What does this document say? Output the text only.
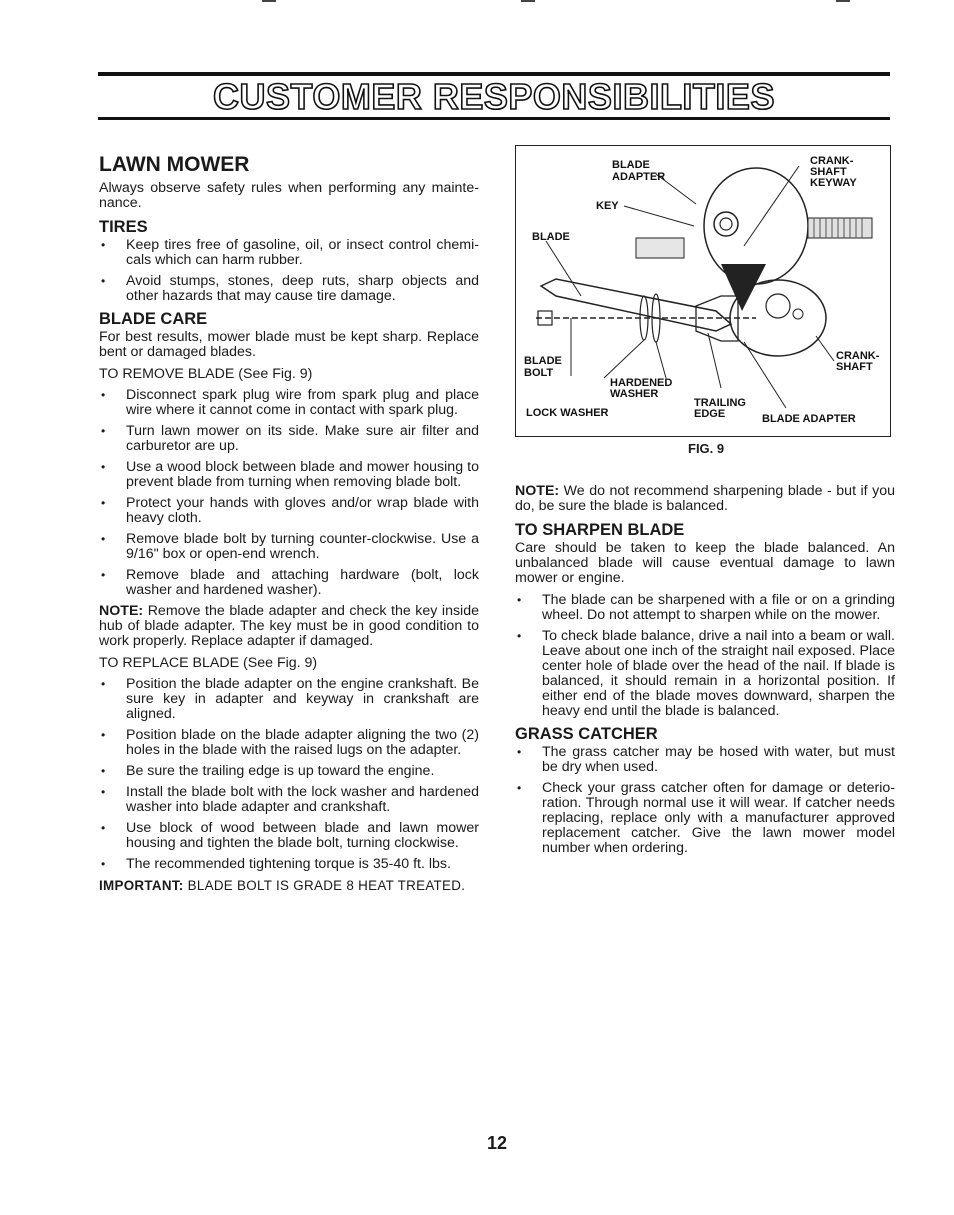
CUSTOMER RESPONSIBILITIES
LAWN MOWER

Always observe safety rules when performing any mainte-nance.

TIRES
• Keep tires free of gasoline, oil, or insect control chemi-cals which can harm rubber.
• Avoid stumps, stones, deep ruts, sharp objects and other hazards that may cause tire damage.
BLADE CARE

For best results, mower blade must be kept sharp. Replace bent or damaged blades.

TO REMOVE BLADE (See Fig. 9)

• Disconnect spark plug wire from spark plug and place wire where it cannot come in contact with spark plug.
• Turn lawn mower on its side. Make sure air filter and carburetor are up.
• Use a wood block between blade and mower housing to prevent blade from turning when removing blade bolt.
• Protect your hands with gloves and/or wrap blade with heavy cloth.
• Remove blade bolt by turning counter-clockwise. Use a 9/16" box or open-end wrench.
• Remove blade and attaching hardware (bolt, lock washer and hardened washer).

NOTE: Remove the blade adapter and check the key inside hub of blade adapter. The key must be in good condition to work properly. Replace adapter if damaged.

TO REPLACE BLADE (See Fig. 9)

• Position the blade adapter on the engine crankshaft. Be sure key in adapter and keyway in crankshaft are aligned.
• Position blade on the blade adapter aligning the two (2) holes in the blade with the raised lugs on the adapter.
• Be sure the trailing edge is up toward the engine.
• Install the blade bolt with the lock washer and hardened washer into blade adapter and crankshaft.
• Use block of wood between blade and lawn mower housing and tighten the blade bolt, turning clockwise.
• The recommended tightening torque is 35-40 ft. lbs.

IMPORTANT: BLADE BOLT IS GRADE 8 HEAT TREATED.

BLADE
ADAPTER
KEY
BLADE
CRANK-
SHAFT
KEYWAY
BLADE
BOLT
HARDENED
WASHER
LOCK WASHER
TRAILING
EDGE	BLADE ADAPTER
CRANK-
SHAFT
FIG. 9

NOTE: We do not recommend sharpening blade - but if you do, be sure the blade is balanced.

TO SHARPEN BLADE

Care should be taken to keep the blade balanced. An unbalanced blade will cause eventual damage to lawn mower or engine.

• The blade can be sharpened with a file or on a grinding wheel. Do not attempt to sharpen while on the mower.
• To check blade balance, drive a nail into a beam or wall. Leave about one inch of the straight nail exposed. Place center hole of blade over the head of the nail. If blade is balanced, it should remain in a horizontal position. If either end of the blade moves downward, sharpen the heavy end until the blade is balanced.
GRASS CATCHER
• The grass catcher may be hosed with water, but must be dry when used.
• Check your grass catcher often for damage or deterio-ration. Through normal use it will wear. If catcher needs replacing, replace only with a manufacturer approved replacement catcher. Give the lawn mower model number when ordering.
12
